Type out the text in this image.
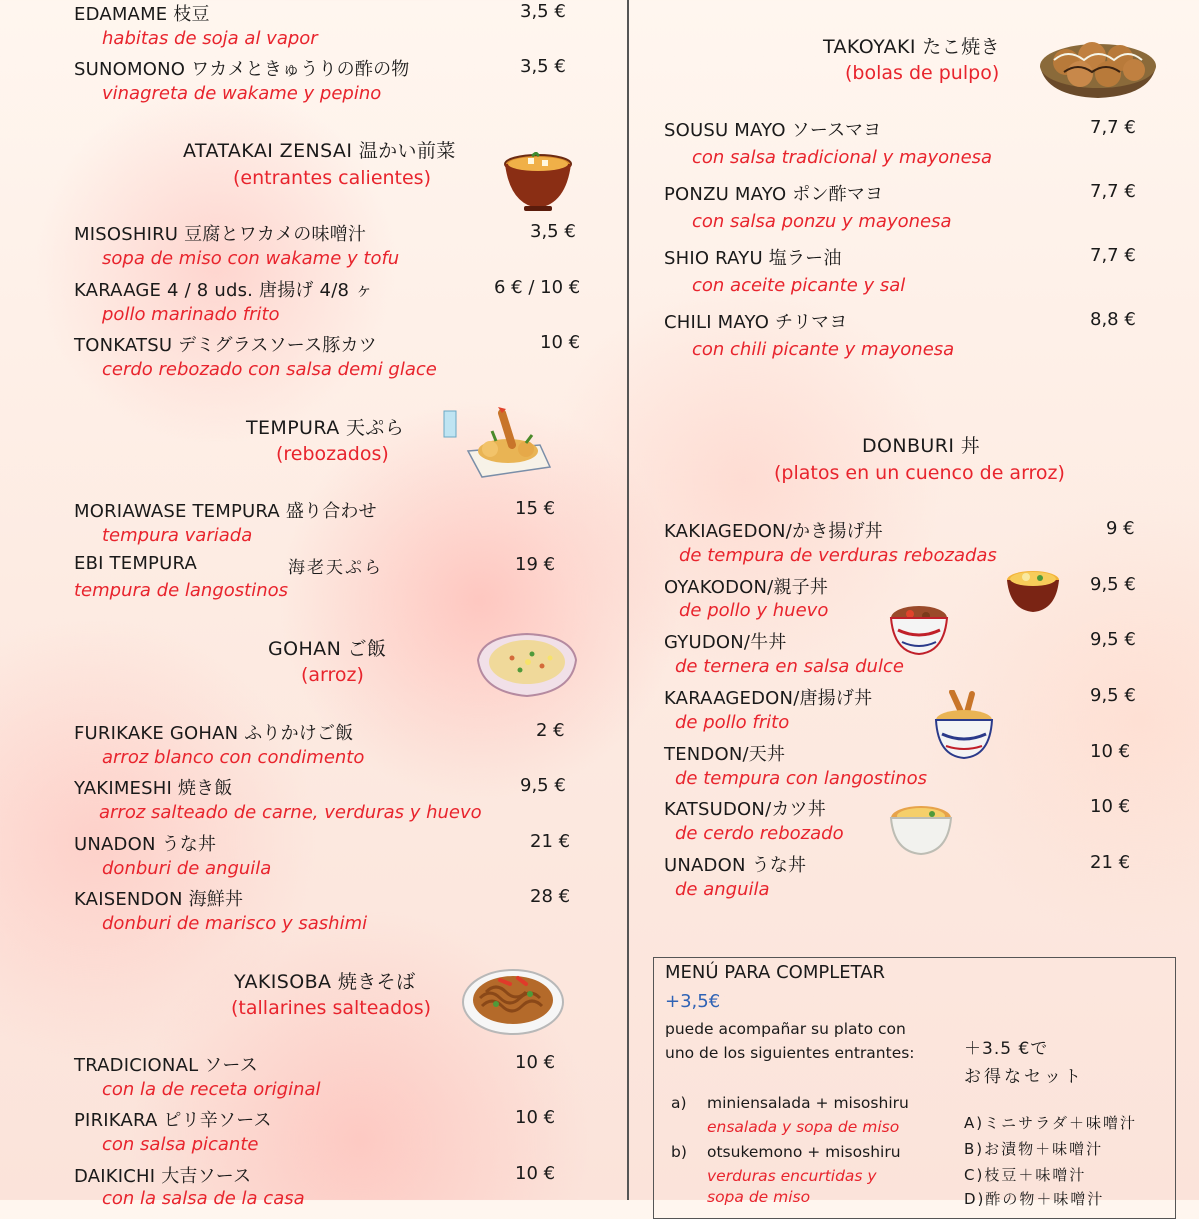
EDAMAME 枝豆	3,5 €
habitas de soja al vapor
SUNOMONO ワカメときゅうりの酢の物	3,5 €
vinagreta de wakame y pepino
ATATAKAI ZENSAI 温かい前菜
(entrantes calientes)
MISOSHIRU 豆腐とワカメの味噌汁	3,5 €
sopa de miso con wakame y tofu
KARAAGE 4 / 8 uds. 唐揚げ 4/8 ヶ	6 € / 10 €
pollo marinado frito
TONKATSU デミグラスソース豚カツ	10 €
cerdo rebozado con salsa demi glace
TEMPURA 天ぷら
(rebozados)
MORIAWASE TEMPURA 盛り合わせ	15 €
tempura variada
EBI TEMPURA	海老天ぷら	19 €
tempura de langostinos
GOHAN ご飯
(arroz)
FURIKAKE GOHAN ふりかけご飯	2 €
arroz blanco con condimento
YAKIMESHI 焼き飯	9,5 €
arroz salteado de carne, verduras y huevo
UNADON うな丼	21 €
donburi de anguila
KAISENDON 海鮮丼	28 €
donburi de marisco y sashimi
YAKISOBA 焼きそば
(tallarines salteados)
TRADICIONAL ソース	10 €
con la de receta original
PIRIKARA ピリ辛ソース	10 €
con salsa picante
DAIKICHI 大吉ソース	10 €
con la salsa de la casa
TAKOYAKI たこ焼き
(bolas de pulpo)
SOUSU MAYO ソースマヨ	7,7 €
con salsa tradicional y mayonesa
PONZU MAYO ポン酢マヨ	7,7 €
con salsa ponzu y mayonesa
SHIO RAYU 塩ラー油	7,7 €
con aceite picante y sal
CHILI MAYO チリマヨ	8,8 €
con chili picante y mayonesa
DONBURI 丼
(platos en un cuenco de arroz)
KAKIAGEDON/かき揚げ丼	9 €
de tempura de verduras rebozadas
OYAKODON/親子丼	9,5 €
de pollo y huevo
GYUDON/牛丼	9,5 €
de ternera en salsa dulce
KARAAGEDON/唐揚げ丼	9,5 €
de pollo frito
TENDON/天丼	10 €
de tempura con langostinos
KATSUDON/カツ丼	10 €
de cerdo rebozado
UNADON うな丼	21 €
de anguila
MENÚ PARA COMPLETAR
+3,5€
puede acompañar su plato con
uno de los siguientes entrantes:	＋3.5 €で
お得なセット
a) miniensalada + misoshiru
ensalada y sopa de miso
b) otsukemono + misoshiru
verduras encurtidas y
sopa de miso
A)ミニサラダ＋味噌汁
B)お漬物＋味噌汁
C)枝豆＋味噌汁
D)酢の物＋味噌汁
